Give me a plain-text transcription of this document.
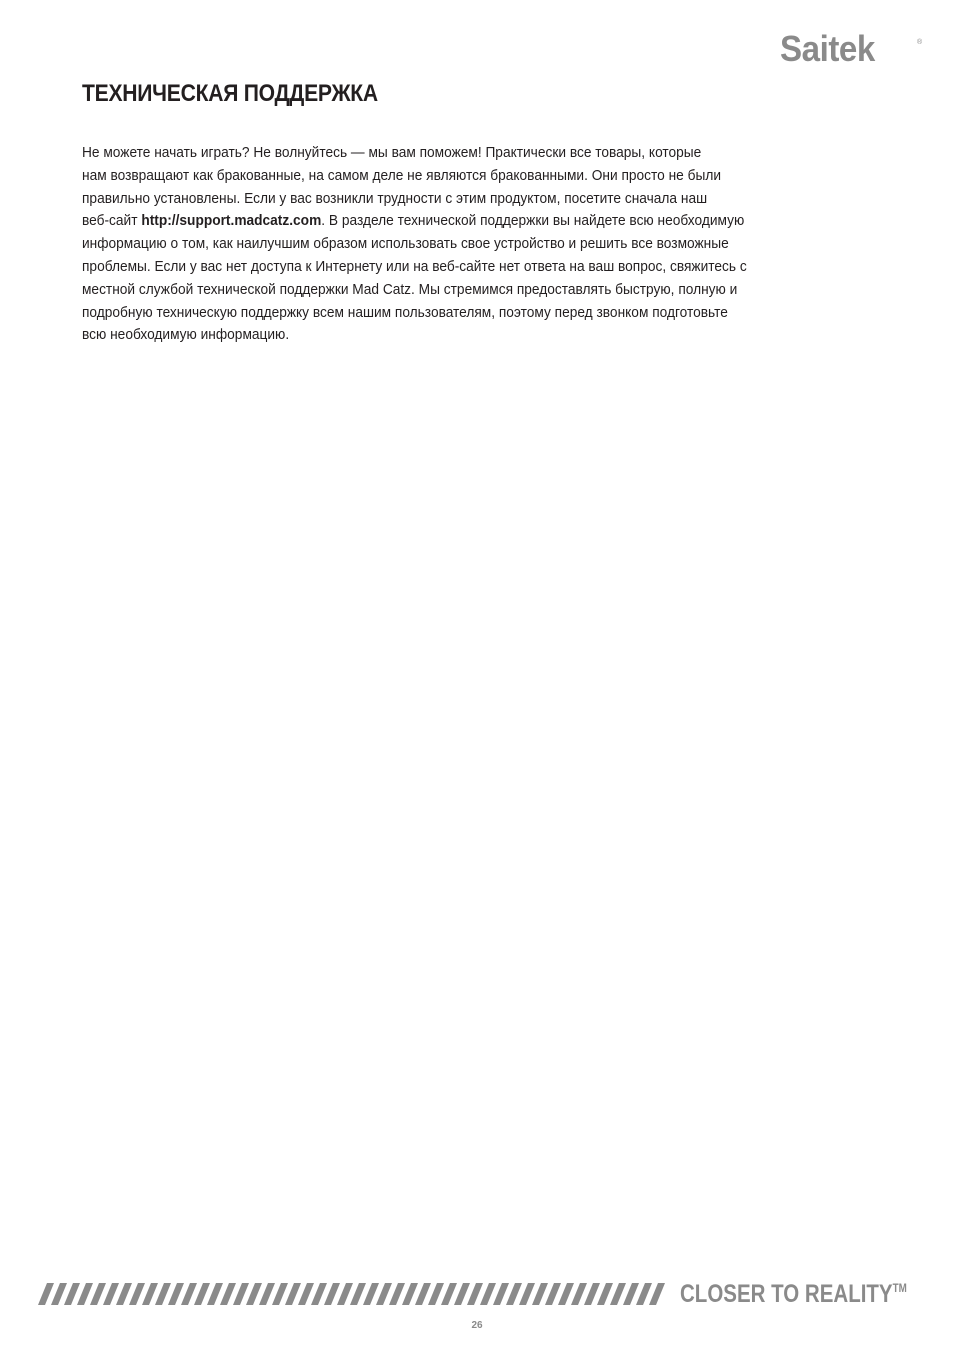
Saitek	®
ТЕХНИЧЕСКАЯ ПОДДЕРЖКА
Не можете начать играть? Не волнуйтесь — мы вам поможем! Практически все товары, которые
нам возвращают как бракованные, на самом деле не являются бракованными. Они просто не были
правильно установлены. Если у вас возникли трудности с этим продуктом, посетите сначала наш
веб-сайт http://support.madcatz.com. В разделе технической поддержки вы найдете всю необходимую
информацию о том, как наилучшим образом использовать свое устройство и решить все возможные
проблемы. Если у вас нет доступа к Интернету или на веб-сайте нет ответа на ваш вопрос, свяжитесь с
местной службой технической поддержки Mad Catz. Мы стремимся предоставлять быструю, полную и
подробную техническую поддержку всем нашим пользователям, поэтому перед звонком подготовьте
всю необходимую информацию.
CLOSER TO REALITY™
26
